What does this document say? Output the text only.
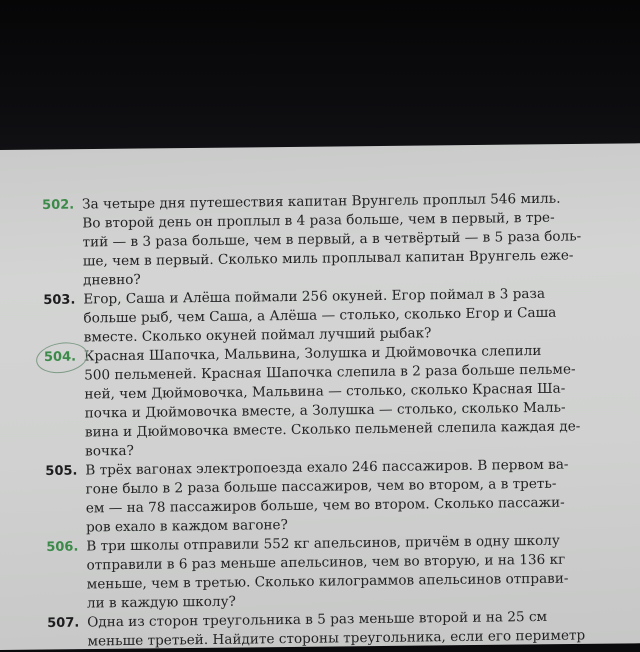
502. За четыре дня путешествия капитан Врунгель проплыл 546 миль.
Во второй день он проплыл в 4 раза больше, чем в первый, в тре-
тий — в 3 раза больше, чем в первый, а в четвёртый — в 5 раза боль-
ше, чем в первый. Сколько миль проплывал капитан Врунгель еже-
дневно?
503. Егор, Саша и Алёша поймали 256 окуней. Егор поймал в 3 раза
больше рыб, чем Саша, а Алёша — столько, сколько Егор и Саша
вместе. Сколько окуней поймал лучший рыбак?
504. Красная Шапочка, Мальвина, Золушка и Дюймовочка слепили
500 пельменей. Красная Шапочка слепила в 2 раза больше пельме-
ней, чем Дюймовочка, Мальвина — столько, сколько Красная Ша-
почка и Дюймовочка вместе, а Золушка — столько, сколько Маль-
вина и Дюймовочка вместе. Сколько пельменей слепила каждая де-
вочка?
505. В трёх вагонах электропоезда ехало 246 пассажиров. В первом ва-
гоне было в 2 раза больше пассажиров, чем во втором, а в треть-
ем — на 78 пассажиров больше, чем во втором. Сколько пассажи-
ров ехало в каждом вагоне?
506. В три школы отправили 552 кг апельсинов, причём в одну школу
отправили в 6 раз меньше апельсинов, чем во вторую, и на 136 кг
меньше, чем в третью. Сколько килограммов апельсинов отправи-
ли в каждую школу?
507. Одна из сторон треугольника в 5 раз меньше второй и на 25 см
меньше третьей. Найдите стороны треугольника, если его периметр
